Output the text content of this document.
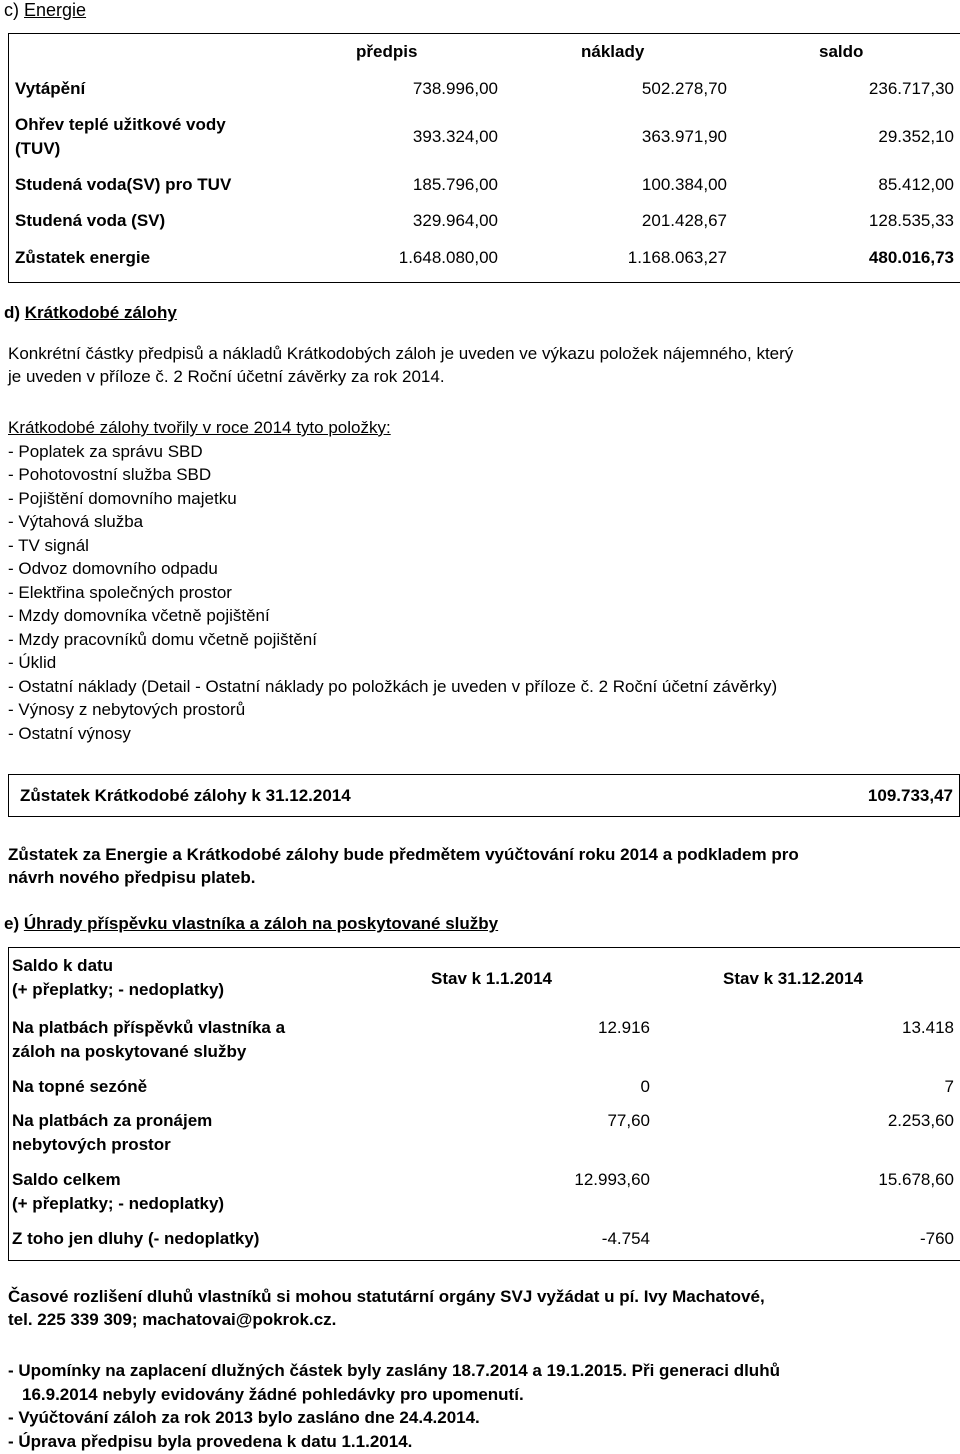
c) Energie
předpis	náklady	saldo
Vytápění	738.996,00	502.278,70	236.717,30
Ohřev teplé užitkové vody
(TUV)
393.324,00	363.971,90	29.352,10
Studená voda(SV) pro TUV	185.796,00	100.384,00	85.412,00
Studená voda (SV)	329.964,00	201.428,67	128.535,33
Zůstatek energie	1.648.080,00	1.168.063,27	480.016,73
d) Krátkodobé zálohy
Konkrétní částky předpisů a nákladů Krátkodobých záloh je uveden ve výkazu položek nájemného, který
je uveden v příloze č. 2 Roční účetní závěrky za rok 2014.
Krátkodobé zálohy tvořily v roce 2014 tyto položky:
- Poplatek za správu SBD
- Pohotovostní služba SBD
- Pojištění domovního majetku
- Výtahová služba
- TV signál
- Odvoz domovního odpadu
- Elektřina společných prostor
- Mzdy domovníka včetně pojištění
- Mzdy pracovníků domu včetně pojištění
- Úklid
- Ostatní náklady (Detail - Ostatní náklady po položkách je uveden v příloze č. 2 Roční účetní závěrky)
- Výnosy z nebytových prostorů
- Ostatní výnosy
Zůstatek Krátkodobé zálohy k 31.12.2014	109.733,47
Zůstatek za Energie a Krátkodobé zálohy bude předmětem vyúčtování roku 2014 a podkladem pro
návrh nového předpisu plateb.
e) Úhrady příspěvku vlastníka a záloh na poskytované služby
Saldo k datu
(+ přeplatky; - nedoplatky)
Stav k 1.1.2014	Stav k 31.12.2014
Na platbách příspěvků vlastníka a
záloh na poskytované služby
12.916	13.418
Na topné sezóně	0	7
Na platbách za pronájem
nebytových prostor
77,60	2.253,60
Saldo celkem
(+ přeplatky; - nedoplatky)
12.993,60	15.678,60
Z toho jen dluhy (- nedoplatky)	-4.754	-760
Časové rozlišení dluhů vlastníků si mohou statutární orgány SVJ vyžádat u pí. Ivy Machatové,
tel. 225 339 309; machatovai@pokrok.cz.
- Upomínky na zaplacení dlužných částek byly zaslány 18.7.2014 a 19.1.2015. Při generaci dluhů
16.9.2014 nebyly evidovány žádné pohledávky pro upomenutí.
- Vyúčtování záloh za rok 2013 bylo zasláno dne 24.4.2014.
- Úprava předpisu byla provedena k datu 1.1.2014.
